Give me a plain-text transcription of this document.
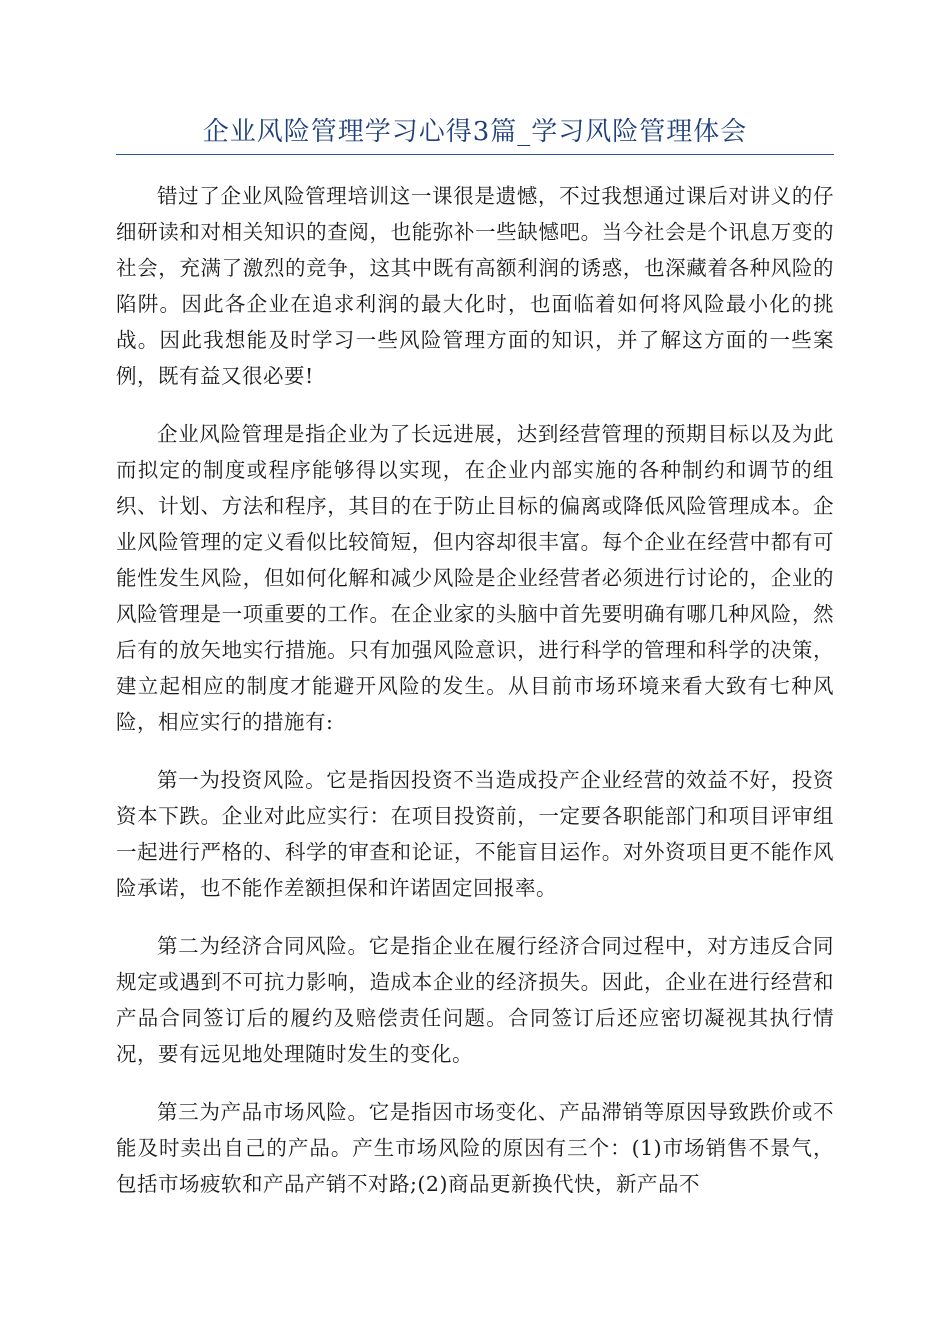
企业风险管理学习心得3篇_学习风险管理体会

错过了企业风险管理培训这一课很是遗憾，不过我想通过课后对讲义的仔细研读和对相关知识的查阅，也能弥补一些缺憾吧。当今社会是个讯息万变的社会，充满了激烈的竞争，这其中既有高额利润的诱惑，也深藏着各种风险的陷阱。因此各企业在追求利润的最大化时，也面临着如何将风险最小化的挑战。因此我想能及时学习一些风险管理方面的知识，并了解这方面的一些案例，既有益又很必要!

企业风险管理是指企业为了长远进展，达到经营管理的预期目标以及为此而拟定的制度或程序能够得以实现，在企业内部实施的各种制约和调节的组织、计划、方法和程序，其目的在于防止目标的偏离或降低风险管理成本。企业风险管理的定义看似比较简短，但内容却很丰富。每个企业在经营中都有可能性发生风险，但如何化解和减少风险是企业经营者必须进行讨论的，企业的风险管理是一项重要的工作。在企业家的头脑中首先要明确有哪几种风险，然后有的放矢地实行措施。只有加强风险意识，进行科学的管理和科学的决策，建立起相应的制度才能避开风险的发生。从目前市场环境来看大致有七种风险，相应实行的措施有:

第一为投资风险。它是指因投资不当造成投产企业经营的效益不好，投资资本下跌。企业对此应实行：在项目投资前，一定要各职能部门和项目评审组一起进行严格的、科学的审查和论证，不能盲目运作。对外资项目更不能作风险承诺，也不能作差额担保和许诺固定回报率。

第二为经济合同风险。它是指企业在履行经济合同过程中，对方违反合同规定或遇到不可抗力影响，造成本企业的经济损失。因此，企业在进行经营和产品合同签订后的履约及赔偿责任问题。合同签订后还应密切凝视其执行情况，要有远见地处理随时发生的变化。

第三为产品市场风险。它是指因市场变化、产品滞销等原因导致跌价或不能及时卖出自己的产品。产生市场风险的原因有三个：(1)市场销售不景气，包括市场疲软和产品产销不对路;(2)商品更新换代快，新产品不
